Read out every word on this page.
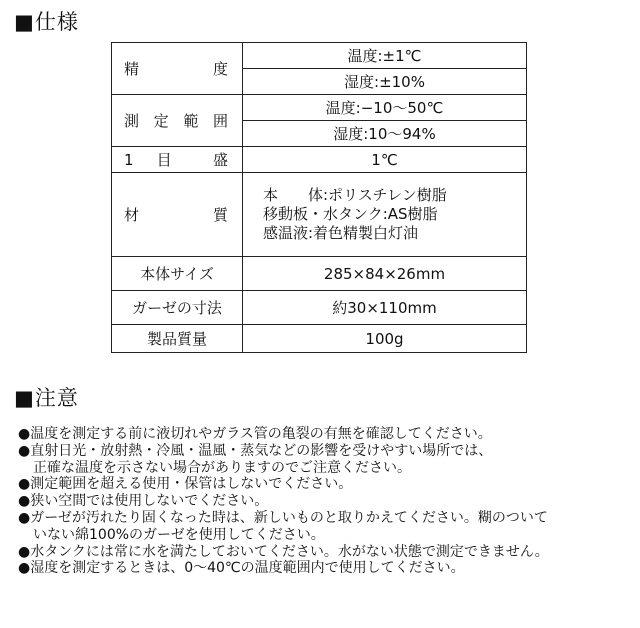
■仕様
精　　度	温度:±1℃
	湿度:±10%
測定範囲	温度:−10〜50℃
	湿度:10〜94%
1 目 盛	1℃
材　　質	本　　体:ポリスチレン樹脂
移動板・水タンク:AS樹脂
感温液:着色精製白灯油

本体サイズ	285×84×26mm
ガーゼの寸法	約30×110mm
製品質量	100g
■注意
●温度を測定する前に液切れやガラス管の亀裂の有無を確認してください。
●直射日光・放射熱・冷風・温風・蒸気などの影響を受けやすい場所では、
正確な温度を示さない場合がありますのでご注意ください。
●測定範囲を超える使用・保管はしないでください。
●狭い空間では使用しないでください。
●ガーゼが汚れたり固くなった時は、新しいものと取りかえてください。糊のついて
いない綿100%のガーゼを使用してください。
●水タンクには常に水を満たしておいてください。水がない状態で測定できません。
●湿度を測定するときは、0〜40℃の温度範囲内で使用してください。
